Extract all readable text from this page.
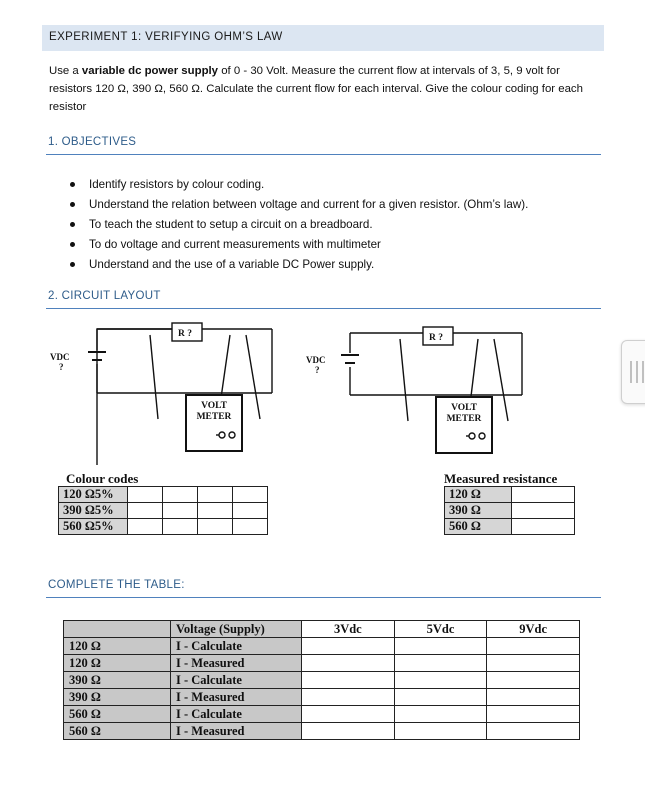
EXPERIMENT 1: VERIFYING OHM’S LAW
Use a variable dc power supply of 0 - 30 Volt. Measure the current flow at intervals of 3, 5, 9 volt for resistors 120 Ω, 390 Ω, 560 Ω. Calculate the current flow for each interval. Give the colour coding for each resistor
1. OBJECTIVES
Identify resistors by colour coding.
Understand the relation between voltage and current for a given resistor. (Ohm’s law).
To teach the student to setup a circuit on a breadboard.
To do voltage and current measurements with multimeter
Understand and the use of a variable DC Power supply.
2. CIRCUIT LAYOUT
VDC
?
R ?
VOLT
METER
VDC
?
R ?
VOLT
METER
Colour codes
120 Ω5%				
390 Ω5%				
560 Ω5%				
Measured resistance
120 Ω	
390 Ω	
560 Ω	
COMPLETE THE TABLE:
	Voltage (Supply)	3Vdc	5Vdc	9Vdc
120 Ω	I - Calculate			
120 Ω	I - Measured			
390 Ω	I - Calculate			
390 Ω	I - Measured			
560 Ω	I - Calculate			
560 Ω	I - Measured			
